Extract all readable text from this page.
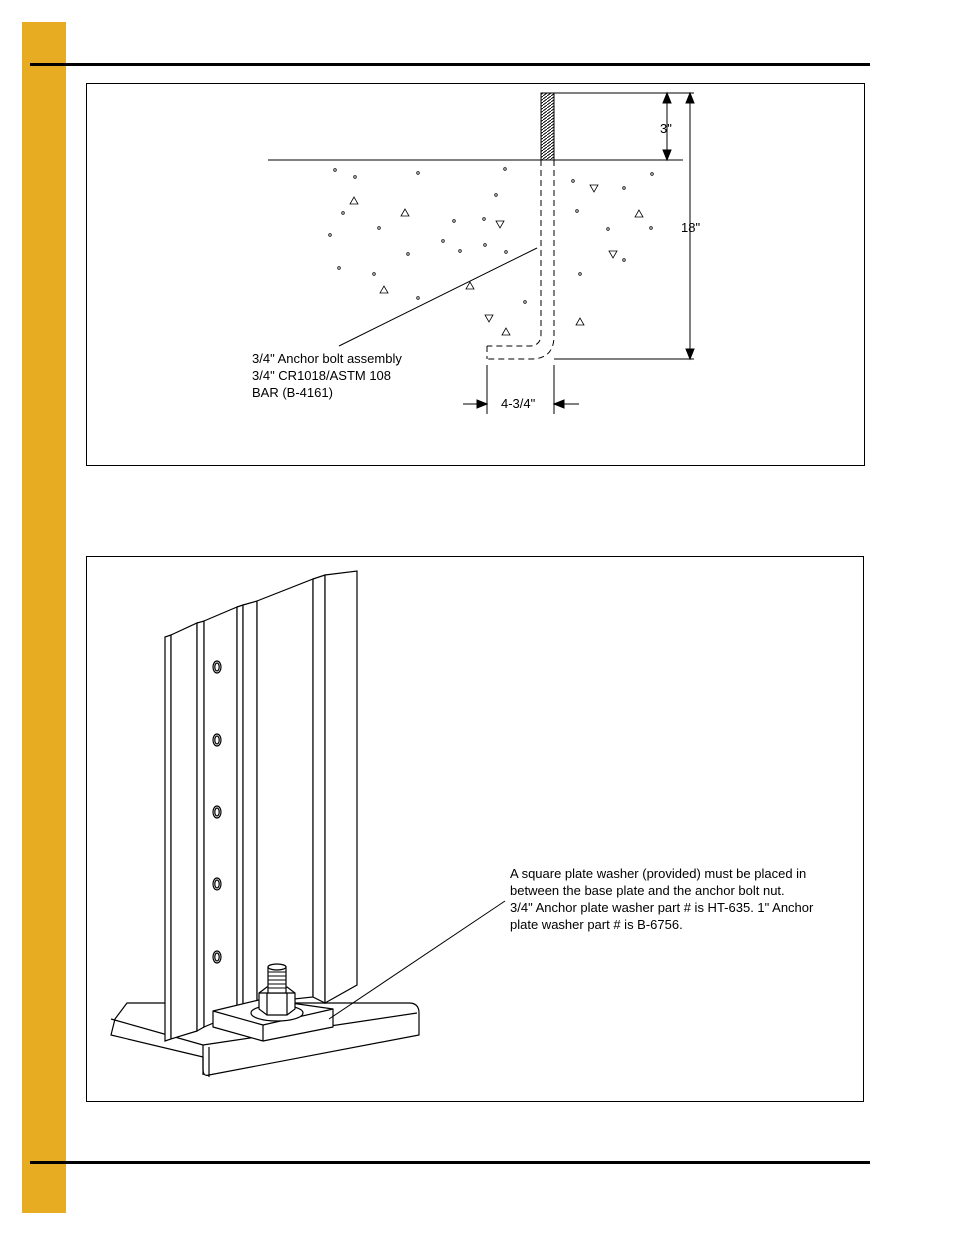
3"
18"
4-3/4"
3/4" Anchor bolt assembly
3/4" CR1018/ASTM 108
BAR (B-4161)
A square plate washer (provided) must be placed in
between the base plate and the anchor bolt nut.
3/4" Anchor plate washer part # is HT-635. 1" Anchor
plate washer part # is B-6756.
